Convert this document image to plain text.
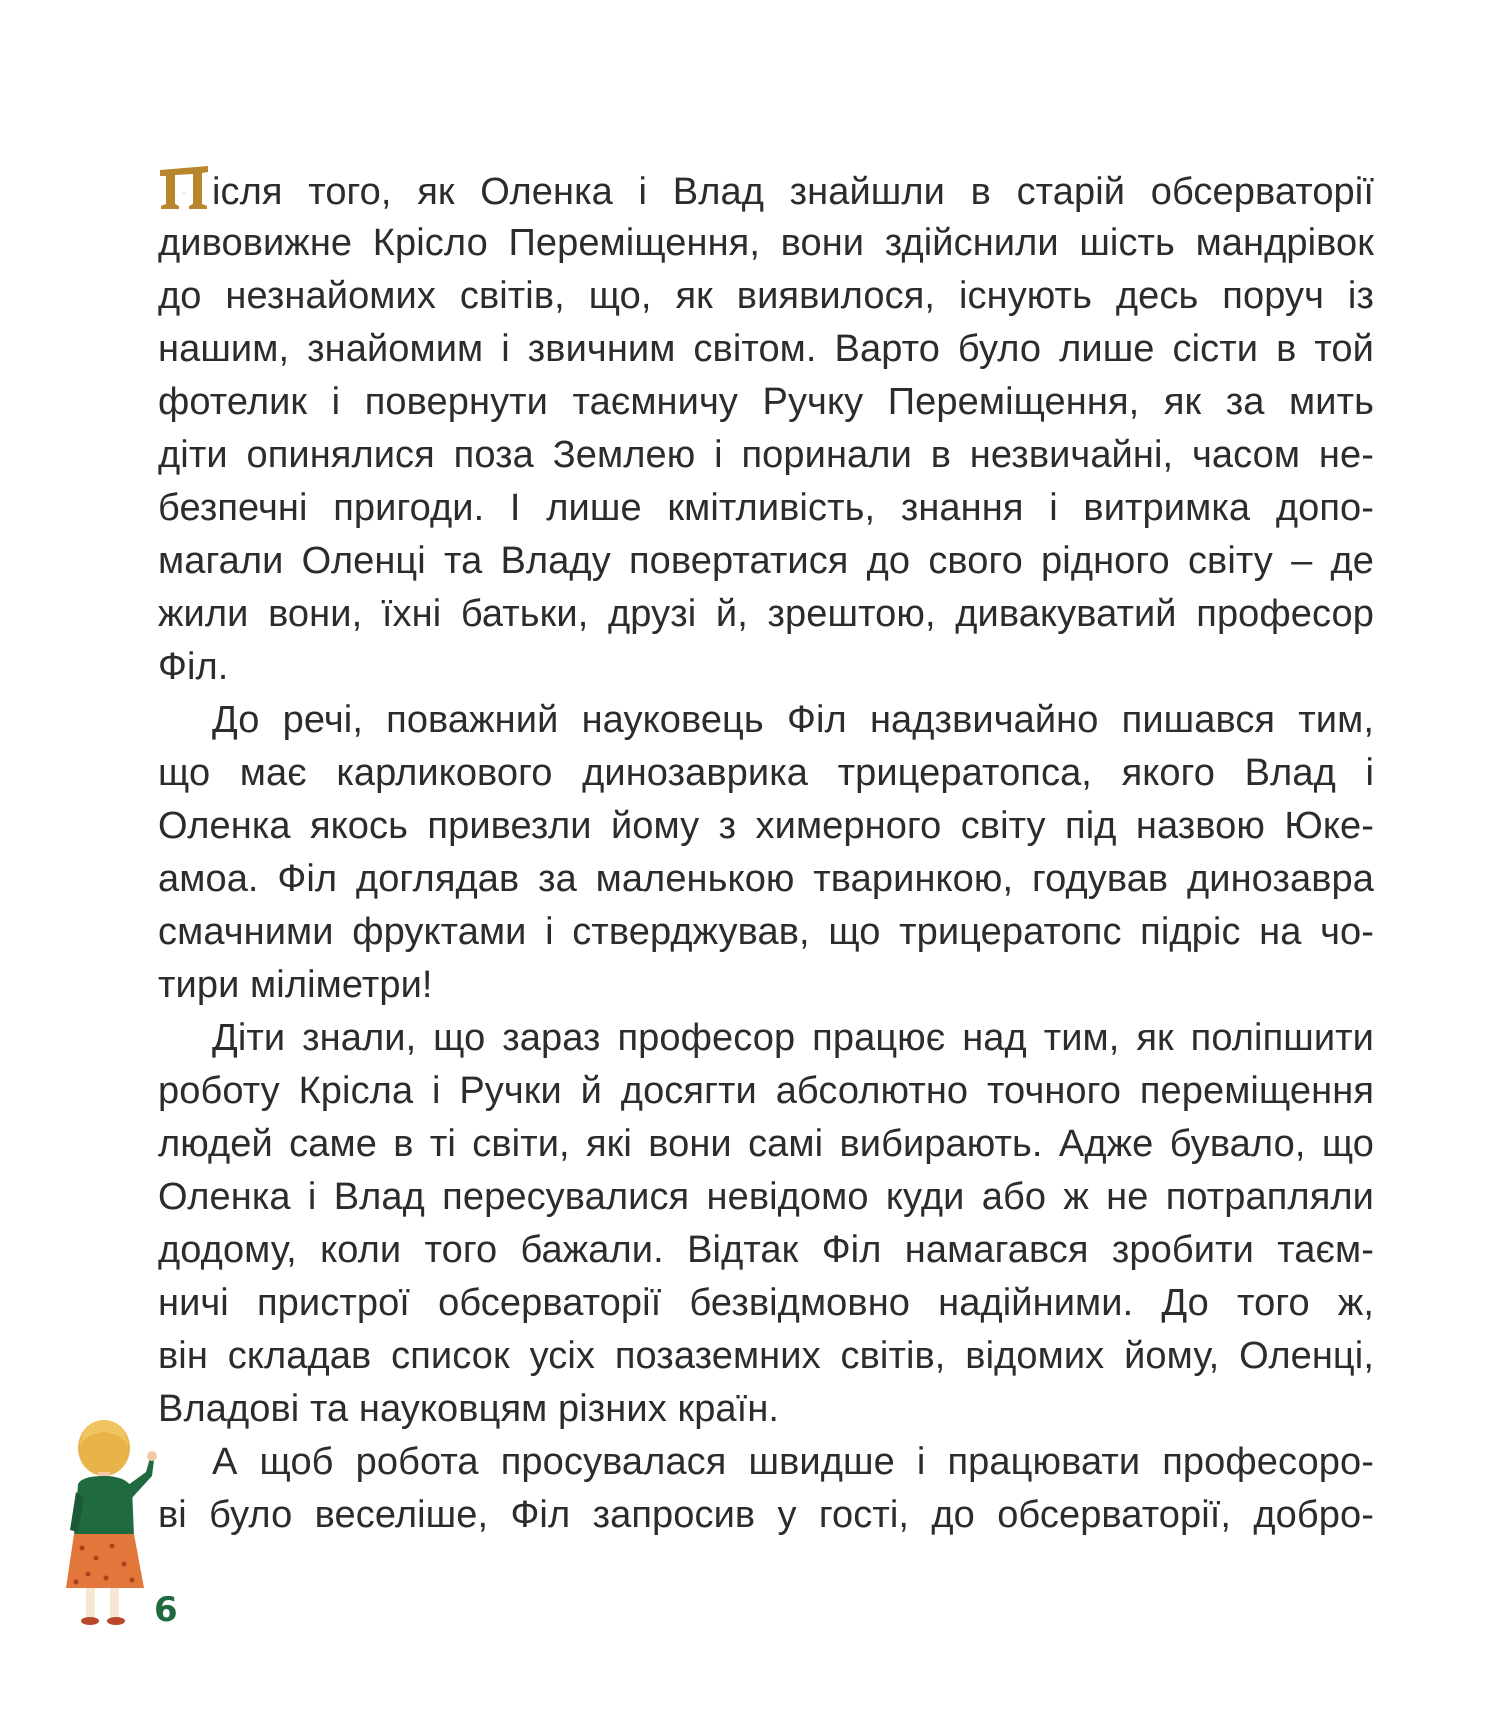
П ісля того, як Оленка і Влад знайшли в старій обсерваторії
дивовижне Крісло Переміщення, вони здійснили шість мандрівок
до незнайомих світів, що, як виявилося, існують десь поруч із
нашим, знайомим і звичним світом. Варто було лише сісти в той
фотелик і повернути таємничу Ручку Переміщення, як за мить
діти опинялися поза Землею і поринали в незвичайні, часом не-
безпечні пригоди. І лише кмітливість, знання і витримка допо-
магали Оленці та Владу повертатися до свого рідного світу – де
жили вони, їхні батьки, друзі й, зрештою, дивакуватий професор
Філ.
До речі, поважний науковець Філ надзвичайно пишався тим,
що має карликового динозаврика трицератопса, якого Влад і
Оленка якось привезли йому з химерного світу під назвою Юке-
амоа. Філ доглядав за маленькою тваринкою, годував динозавра
смачними фруктами і стверджував, що трицератопс підріс на чо-
тири міліметри!
Діти знали, що зараз професор працює над тим, як поліпшити
роботу Крісла і Ручки й досягти абсолютно точного переміщення
людей саме в ті світи, які вони самі вибирають. Адже бувало, що
Оленка і Влад пересувалися невідомо куди або ж не потрапляли
додому, коли того бажали. Відтак Філ намагався зробити таєм-
ничі пристрої обсерваторії безвідмовно надійними. До того ж,
він складав список усіх позаземних світів, відомих йому, Оленці,
Владові та науковцям різних країн.
А щоб робота просувалася швидше і працювати професоро-
ві було веселіше, Філ запросив у гості, до обсерваторії, добро-
6
